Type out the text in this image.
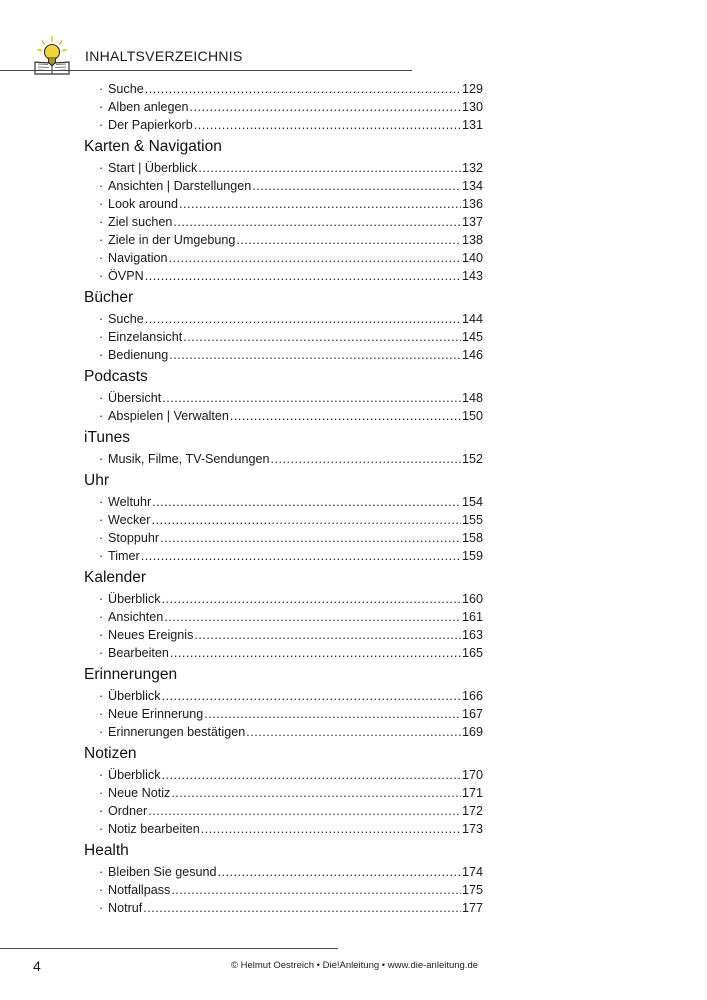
INHALTSVERZEICHNIS
· Suche .....	129
· Alben anlegen .....	130
· Der Papierkorb .....	131
Karten & Navigation
· Start | Überblick .....	132
· Ansichten | Darstellungen .....	134
· Look around .....	136
· Ziel suchen .....	137
· Ziele in der Umgebung .....	138
· Navigation .....	140
· ÖVPN .....	143
Bücher
· Suche .....	144
· Einzelansicht .....	145
· Bedienung .....	146
Podcasts
· Übersicht .....	148
· Abspielen | Verwalten .....	150
iTunes
· Musik, Filme, TV-Sendungen .....	152
Uhr
· Weltuhr .....	154
· Wecker .....	155
· Stoppuhr .....	158
· Timer .....	159
Kalender
· Überblick .....	160
· Ansichten .....	161
· Neues Ereignis .....	163
· Bearbeiten .....	165
Erinnerungen
· Überblick .....	166
· Neue Erinnerung .....	167
· Erinnerungen bestätigen .....	169
Notizen
· Überblick .....	170
· Neue Notiz .....	171
· Ordner .....	172
· Notiz bearbeiten .....	173
Health
· Bleiben Sie gesund .....	174
· Notfallpass .....	175
· Notruf .....	177
4	© Helmut Oestreich • Die!Anleitung • www.die-anleitung.de
